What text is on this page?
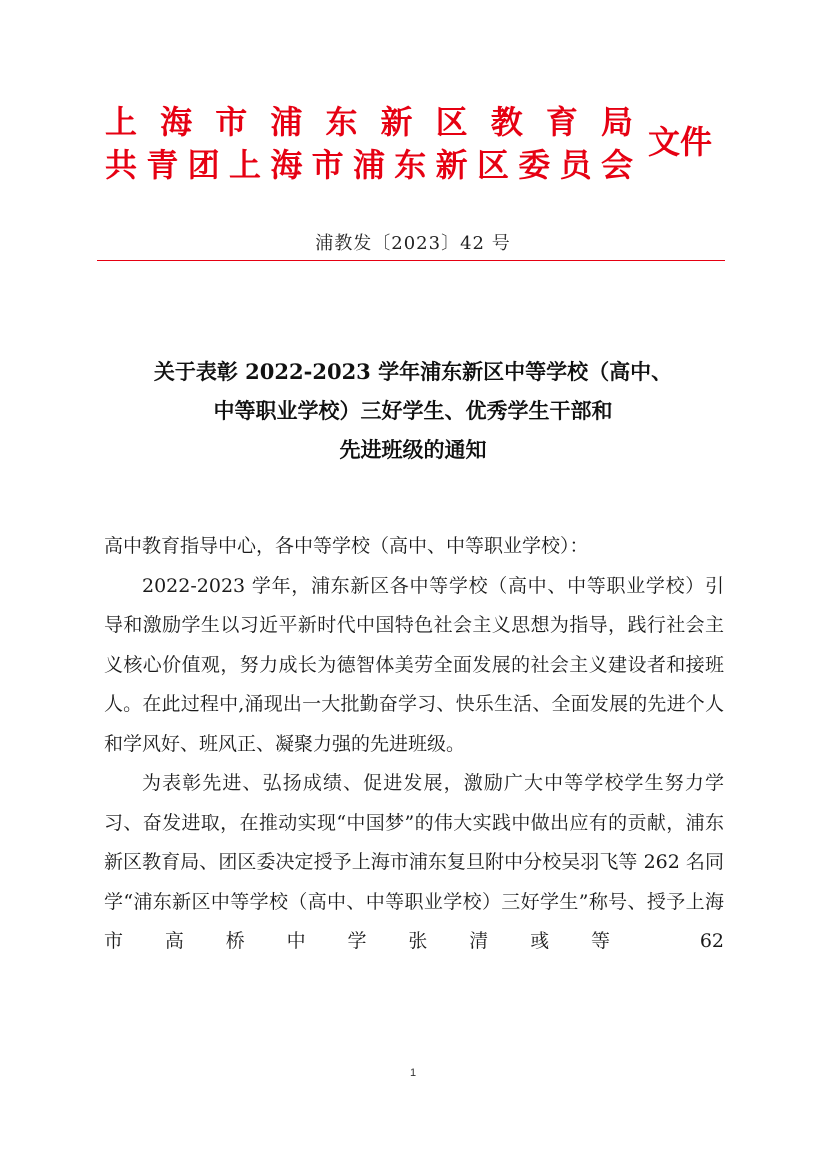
上 海 市 浦 东 新 区 教 育 局
共 青 团 上 海 市 浦 东 新 区 委 员 会
文件
浦教发〔2023〕42 号
关于表彰 2022-2023 学年浦东新区中等学校（高中、
中等职业学校）三好学生、优秀学生干部和
先进班级的通知

高中教育指导中心，各中等学校（高中、中等职业学校）：

2022-2023 学年，浦东新区各中等学校（高中、中等职业学校）引导和激励学生以习近平新时代中国特色社会主义思想为指导，践行社会主义核心价值观，努力成长为德智体美劳全面发展的社会主义建设者和接班人。在此过程中,涌现出一大批勤奋学习、快乐生活、全面发展的先进个人和学风好、班风正、凝聚力强的先进班级。

为表彰先进、弘扬成绩、促进发展，激励广大中等学校学生努力学习、奋发进取，在推动实现“中国梦”的伟大实践中做出应有的贡献，浦东新区教育局、团区委决定授予上海市浦东复旦附中分校吴羽飞等 262 名同学“浦东新区中等学校（高中、中等职业学校）三好学生”称号、授予上海市高桥中学张清彧等 62

1
